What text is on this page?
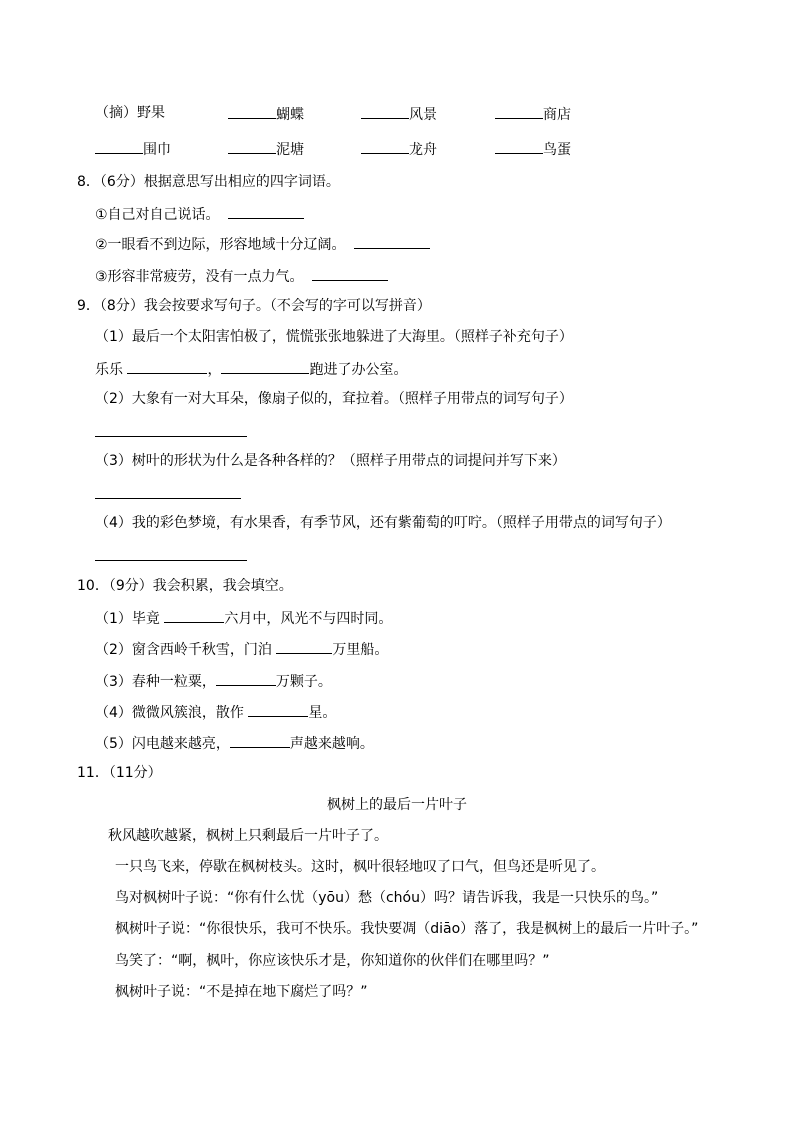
（摘）野果	蝴蝶	风景	商店
围巾	泥塘	龙舟	鸟蛋
8．（6分）根据意思写出相应的四字词语。
①自己对自己说话。
②一眼看不到边际，形容地域十分辽阔。
③形容非常疲劳，没有一点力气。
9．（8分）我会按要求写句子。（不会写的字可以写拼音）
（1）最后一个太阳害怕极了，慌慌张张地躲进了大海里。（照样子补充句子）
乐乐	，	跑进了办公室。
（2）大象有一对大耳朵，像扇子似的，耷拉着。（照样子用带点的词写句子）
（3）树叶的形状为什么是各种各样的？（照样子用带点的词提问并写下来）
（4）我的彩色梦境，有水果香，有季节风，还有紫葡萄的叮咛。（照样子用带点的词写句子）
10．（9分）我会积累，我会填空。
（1）毕竟	六月中，风光不与四时同。
（2）窗含西岭千秋雪，门泊	万里船。
（3）春种一粒粟，	万颗子。
（4）微微风簇浪，散作	星。
（5）闪电越来越亮，	声越来越响。
11．（11分）
枫树上的最后一片叶子
秋风越吹越紧，枫树上只剩最后一片叶子了。
一只鸟飞来，停歇在枫树枝头。这时，枫叶很轻地叹了口气，但鸟还是听见了。
鸟对枫树叶子说：“你有什么忧（yōu）愁（chóu）吗？请告诉我，我是一只快乐的鸟。”
枫树叶子说：“你很快乐，我可不快乐。我快要凋（diāo）落了，我是枫树上的最后一片叶子。”
鸟笑了：“啊，枫叶，你应该快乐才是，你知道你的伙伴们在哪里吗？”
枫树叶子说：“不是掉在地下腐烂了吗？”
